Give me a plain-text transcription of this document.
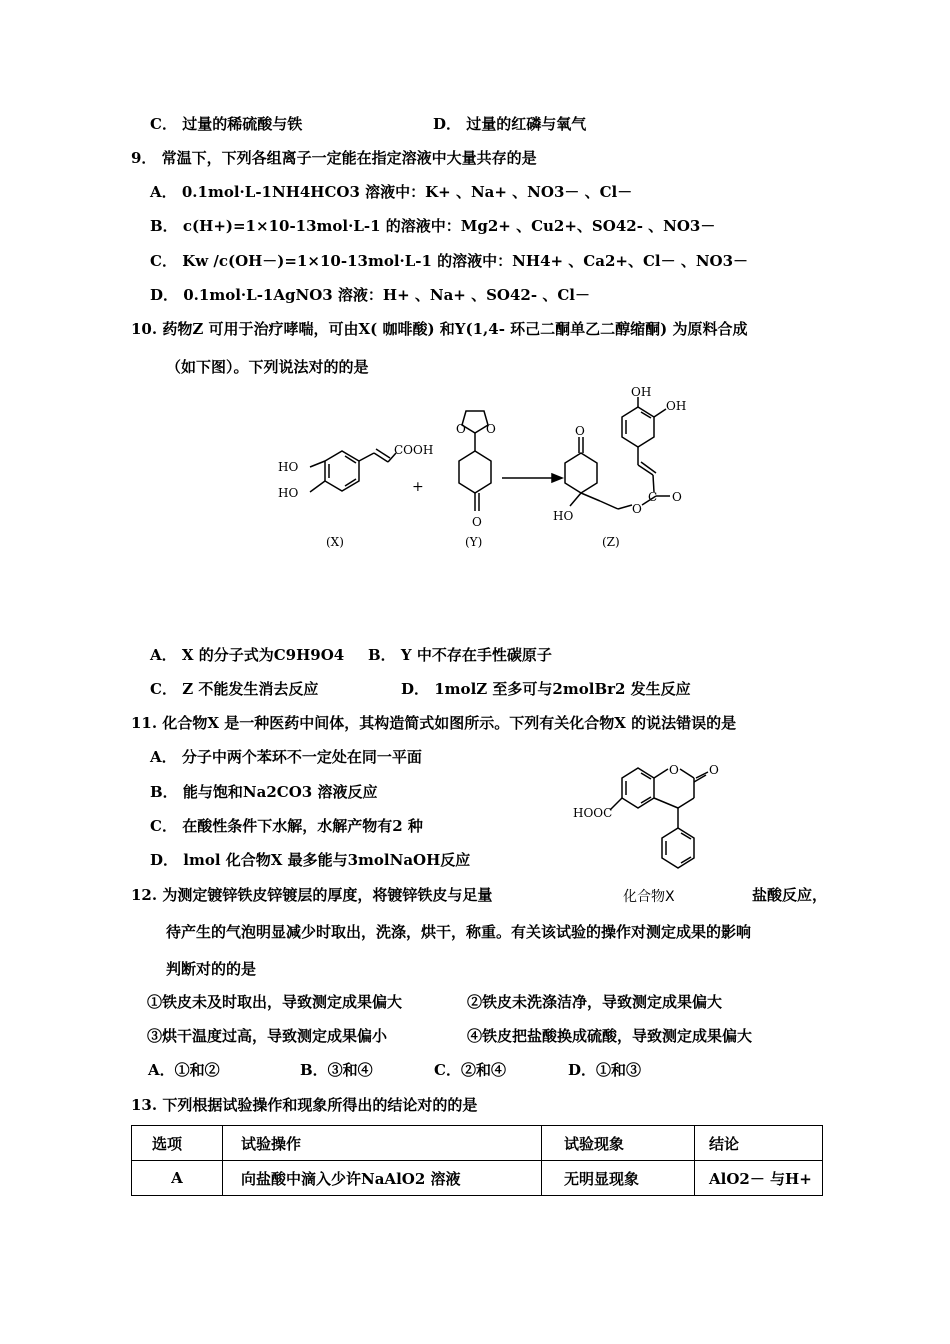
C． 过量的稀硫酸与铁	D． 过量的红磷与氧气
9． 常温下，下列各组离子一定能在指定溶液中大量共存的是
A． 0.1mol·L-1NH4HCO3 溶液中：K+ 、Na+ 、NO3－ 、Cl－
B． c(H+)=1×10-13mol·L-1 的溶液中：Mg2+ 、Cu2+、SO42- 、NO3－
C． Kw /c(OH－)=1×10-13mol·L-1 的溶液中：NH4+ 、Ca2+、Cl－ 、NO3－
D． 0.1mol·L-1AgNO3 溶液：H+ 、Na+ 、SO42- 、Cl－
10. 药物Z 可用于治疗哮喘，可由X( 咖啡酸) 和Y(1,4- 环己二酮单乙二醇缩酮) 为原料合成
（如下图）。下列说法对的的是
COOH
HO
HO
(X)
+
O O
O
(Y)
O
HO	O
C O
OH
OH
(Z)
A． X 的分子式为C9H9O4 B． Y 中不存在手性碳原子
C． Z 不能发生消去反应	D． 1molZ 至多可与2molBr2 发生反应
11. 化合物X 是一种医药中间体，其构造简式如图所示。下列有关化合物X 的说法错误的是
A． 分子中两个苯环不一定处在同一平面
B． 能与饱和Na2CO3 溶液反应
C． 在酸性条件下水解，水解产物有2 种
D． lmol 化合物X 最多能与3molNaOH反应
O	O
HOOC
化合物X
12. 为测定镀锌铁皮锌镀层的厚度，将镀锌铁皮与足量	盐酸反应，
待产生的气泡明显减少时取出，洗涤，烘干，称重。有关该试验的操作对测定成果的影响
判断对的的是
①铁皮未及时取出，导致测定成果偏大	②铁皮未洗涤洁净，导致测定成果偏大
③烘干温度过高，导致测定成果偏小	④铁皮把盐酸换成硫酸，导致测定成果偏大
A．①和②	B．③和④	C．②和④	D．①和③
13. 下列根据试验操作和现象所得出的结论对的的是
选项	试验操作	试验现象	结论
A	向盐酸中滴入少许NaAlO2 溶液	无明显现象	AlO2－ 与H+
